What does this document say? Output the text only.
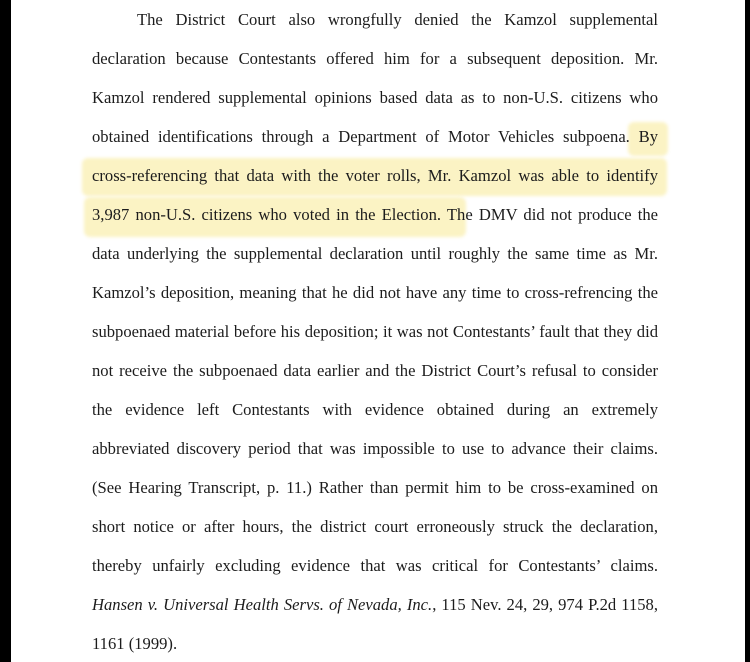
The District Court also wrongfully denied the Kamzol supplemental
declaration because Contestants offered him for a subsequent deposition. Mr.
Kamzol rendered supplemental opinions based data as to non-U.S. citizens who
obtained identifications through a Department of Motor Vehicles subpoena. By
cross-referencing that data with the voter rolls, Mr. Kamzol was able to identify
3,987 non-U.S. citizens who voted in the Election. The DMV did not produce the
data underlying the supplemental declaration until roughly the same time as Mr.
Kamzol’s deposition, meaning that he did not have any time to cross-refrencing the
subpoenaed material before his deposition; it was not Contestants’ fault that they did
not receive the subpoenaed data earlier and the District Court’s refusal to consider
the evidence left Contestants with evidence obtained during an extremely
abbreviated discovery period that was impossible to use to advance their claims.
(See Hearing Transcript, p. 11.) Rather than permit him to be cross-examined on
short notice or after hours, the district court erroneously struck the declaration,
thereby unfairly excluding evidence that was critical for Contestants’ claims.
Hansen v. Universal Health Servs. of Nevada, Inc., 115 Nev. 24, 29, 974 P.2d 1158,
1161 (1999).
